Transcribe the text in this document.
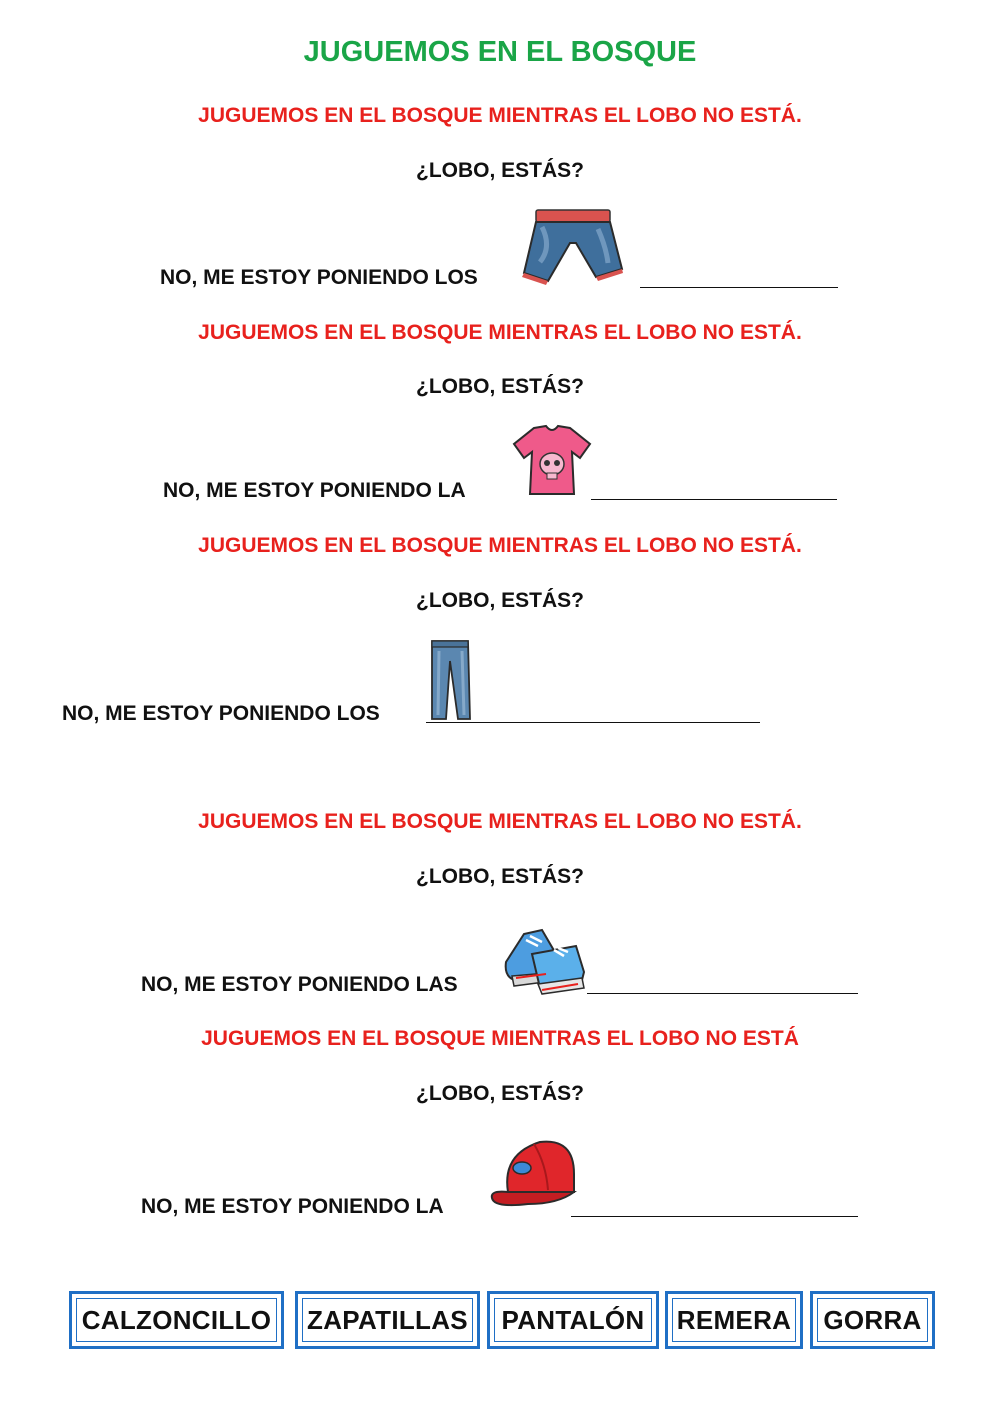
JUGUEMOS EN EL BOSQUE
JUGUEMOS EN EL BOSQUE MIENTRAS EL LOBO NO ESTÁ.
¿LOBO, ESTÁS?
NO, ME ESTOY PONIENDO LOS
JUGUEMOS EN EL BOSQUE MIENTRAS EL LOBO NO ESTÁ.
¿LOBO, ESTÁS?
NO, ME ESTOY PONIENDO LA
JUGUEMOS EN EL BOSQUE MIENTRAS EL LOBO NO ESTÁ.
¿LOBO, ESTÁS?
NO, ME ESTOY PONIENDO LOS
JUGUEMOS EN EL BOSQUE MIENTRAS EL LOBO NO ESTÁ.
¿LOBO, ESTÁS?
NO, ME ESTOY PONIENDO LAS
JUGUEMOS EN EL BOSQUE MIENTRAS EL LOBO NO ESTÁ
¿LOBO, ESTÁS?
NO, ME ESTOY PONIENDO LA
CALZONCILLO ZAPATILLAS PANTALÓN REMERA GORRA
